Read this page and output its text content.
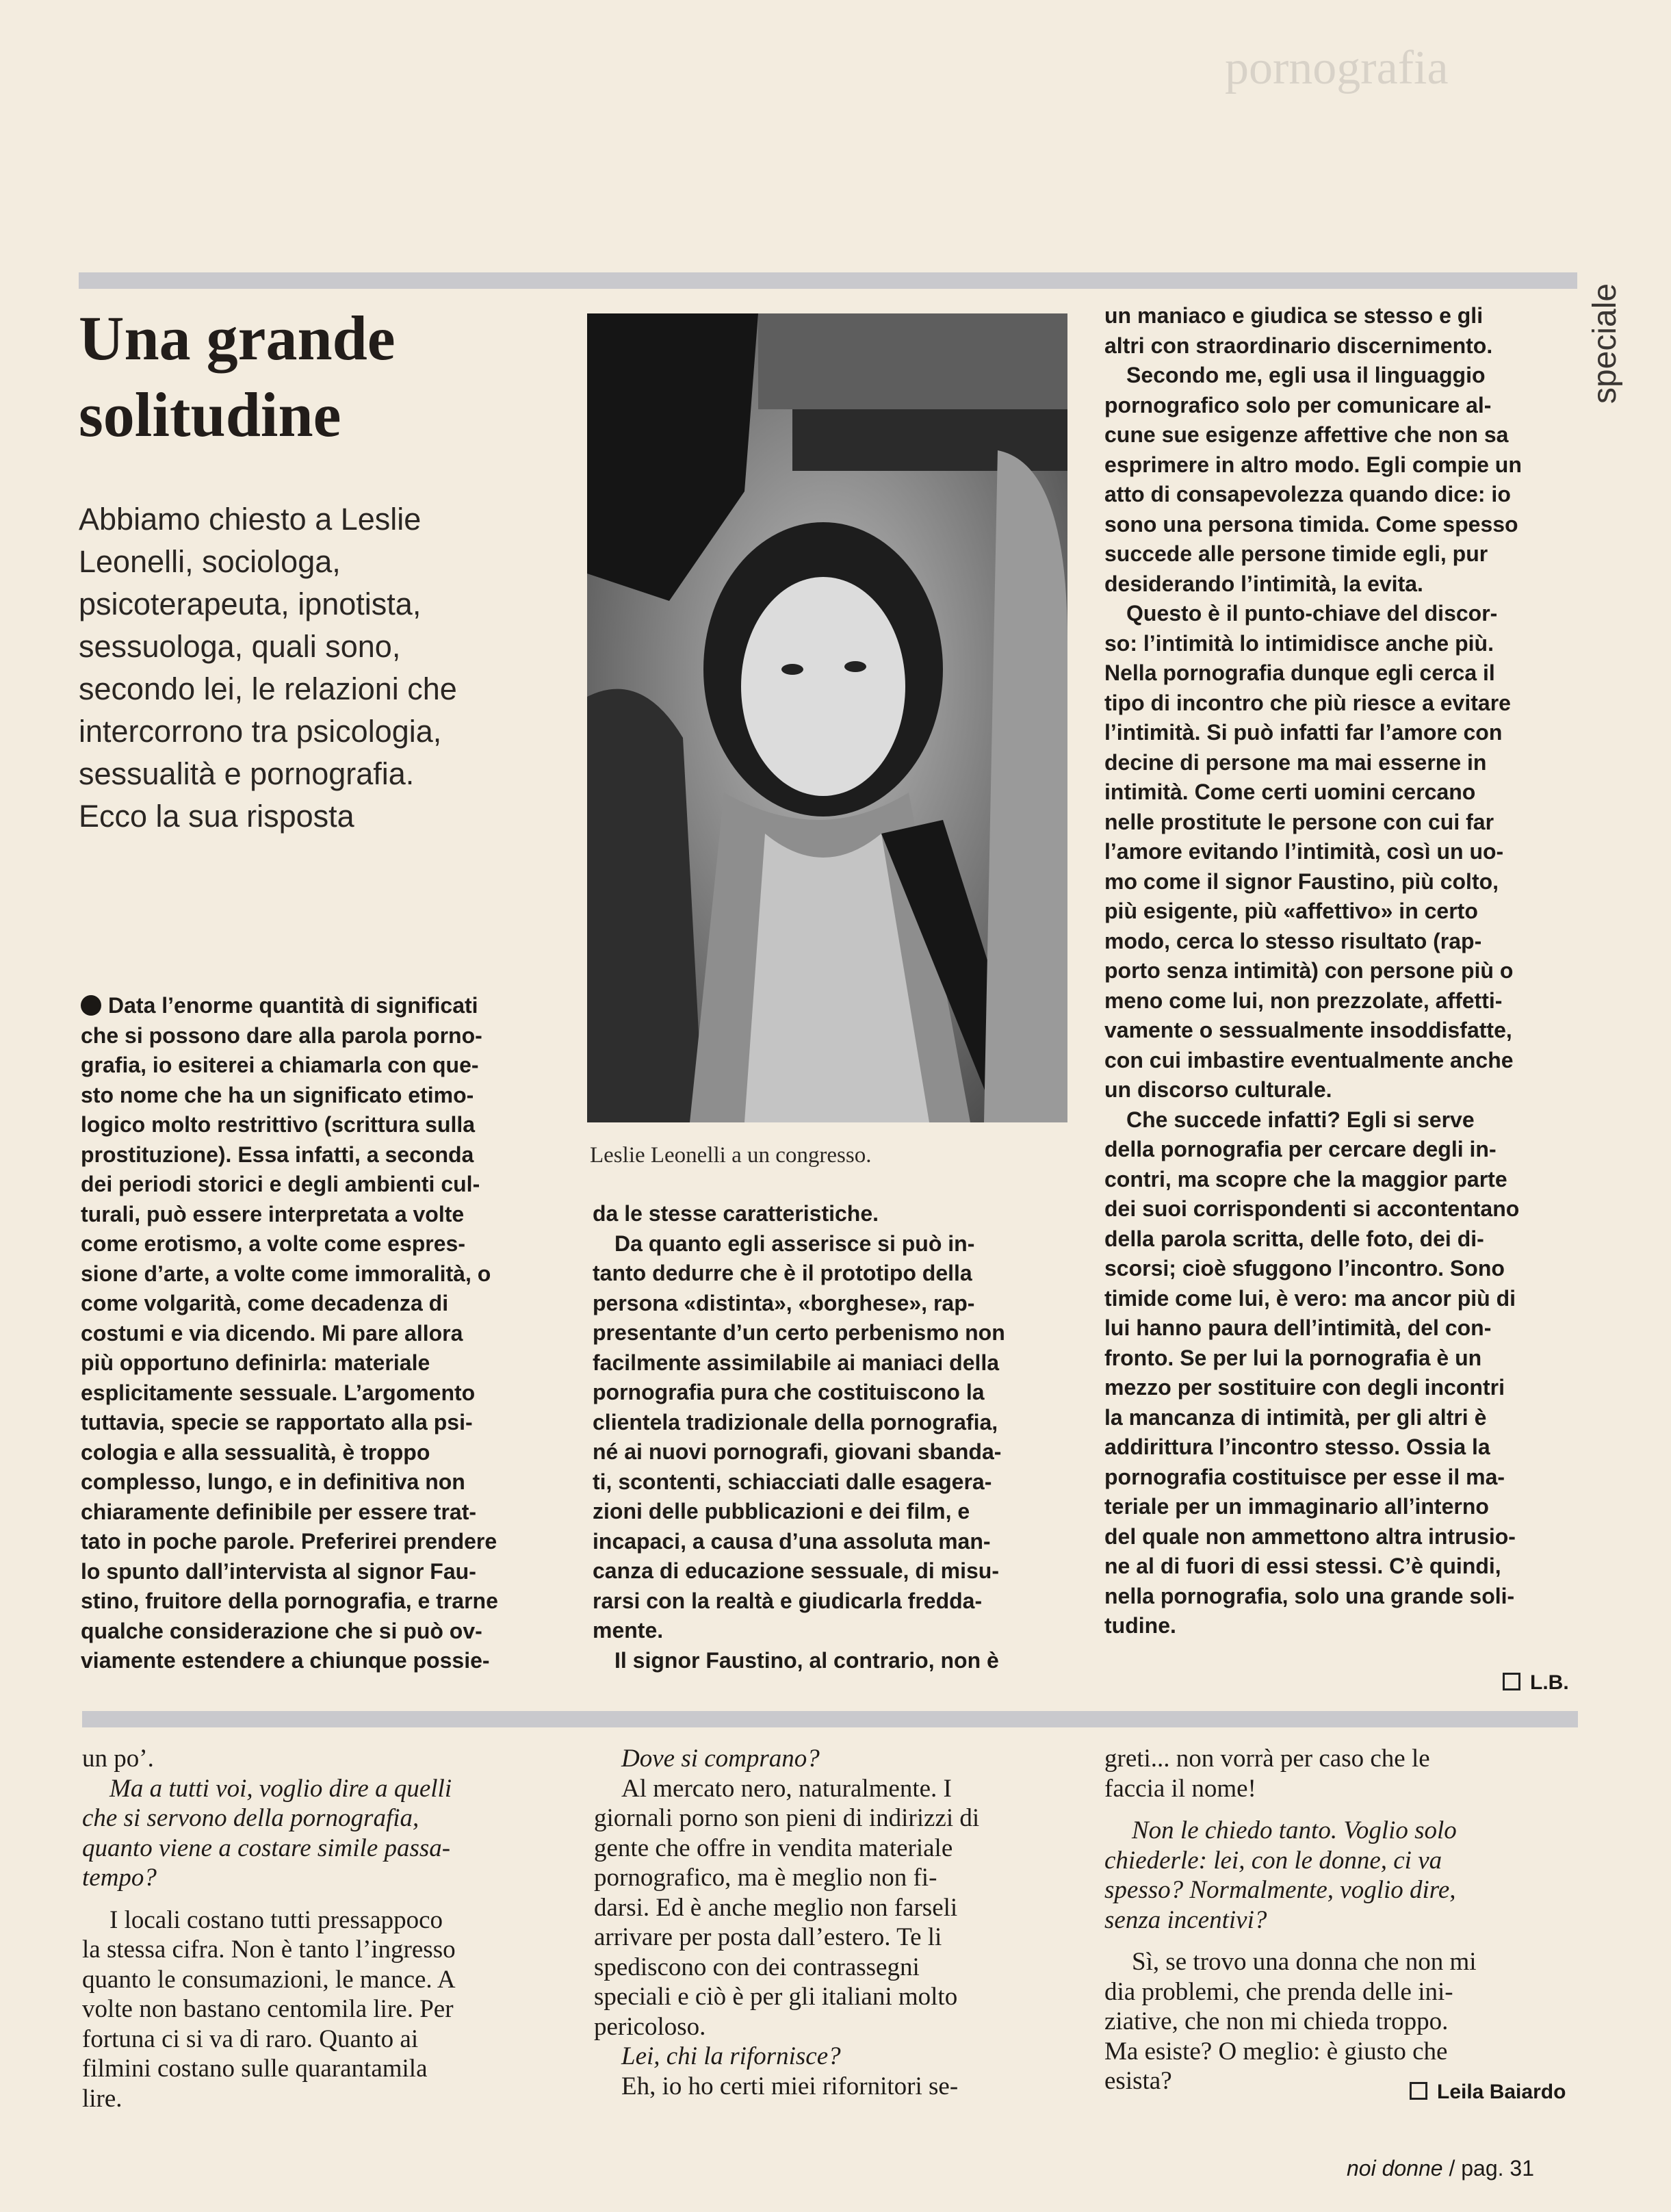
pornografia
speciale
Una grande
solitudine
Abbiamo chiesto a Leslie
Leonelli, sociologa,
psicoterapeuta, ipnotista,
sessuologa, quali sono,
secondo lei, le relazioni che
intercorrono tra psicologia,
sessualità e pornografia.
Ecco la sua risposta
Leslie Leonelli a un congresso.
Data l’enorme quantità di significati
che si possono dare alla parola porno-
grafia, io esiterei a chiamarla con que-
sto nome che ha un significato etimo-
logico molto restrittivo (scrittura sulla
prostituzione). Essa infatti, a seconda
dei periodi storici e degli ambienti cul-
turali, può essere interpretata a volte
come erotismo, a volte come espres-
sione d’arte, a volte come immoralità, o
come volgarità, come decadenza di
costumi e via dicendo. Mi pare allora
più opportuno definirla: materiale
esplicitamente sessuale. L’argomento
tuttavia, specie se rapportato alla psi-
cologia e alla sessualità, è troppo
complesso, lungo, e in definitiva non
chiaramente definibile per essere trat-
tato in poche parole. Preferirei prendere
lo spunto dall’intervista al signor Fau-
stino, fruitore della pornografia, e trarne
qualche considerazione che si può ov-
viamente estendere a chiunque possie-
da le stesse caratteristiche.
Da quanto egli asserisce si può in-
tanto dedurre che è il prototipo della
persona «distinta», «borghese», rap-
presentante d’un certo perbenismo non
facilmente assimilabile ai maniaci della
pornografia pura che costituiscono la
clientela tradizionale della pornografia,
né ai nuovi pornografi, giovani sbanda-
ti, scontenti, schiacciati dalle esagera-
zioni delle pubblicazioni e dei film, e
incapaci, a causa d’una assoluta man-
canza di educazione sessuale, di misu-
rarsi con la realtà e giudicarla fredda-
mente.
Il signor Faustino, al contrario, non è
un maniaco e giudica se stesso e gli
altri con straordinario discernimento.
Secondo me, egli usa il linguaggio
pornografico solo per comunicare al-
cune sue esigenze affettive che non sa
esprimere in altro modo. Egli compie un
atto di consapevolezza quando dice: io
sono una persona timida. Come spesso
succede alle persone timide egli, pur
desiderando l’intimità, la evita.
Questo è il punto-chiave del discor-
so: l’intimità lo intimidisce anche più.
Nella pornografia dunque egli cerca il
tipo di incontro che più riesce a evitare
l’intimità. Si può infatti far l’amore con
decine di persone ma mai esserne in
intimità. Come certi uomini cercano
nelle prostitute le persone con cui far
l’amore evitando l’intimità, così un uo-
mo come il signor Faustino, più colto,
più esigente, più «affettivo» in certo
modo, cerca lo stesso risultato (rap-
porto senza intimità) con persone più o
meno come lui, non prezzolate, affetti-
vamente o sessualmente insoddisfatte,
con cui imbastire eventualmente anche
un discorso culturale.
Che succede infatti? Egli si serve
della pornografia per cercare degli in-
contri, ma scopre che la maggior parte
dei suoi corrispondenti si accontentano
della parola scritta, delle foto, dei di-
scorsi; cioè sfuggono l’incontro. Sono
timide come lui, è vero: ma ancor più di
lui hanno paura dell’intimità, del con-
fronto. Se per lui la pornografia è un
mezzo per sostituire con degli incontri
la mancanza di intimità, per gli altri è
addirittura l’incontro stesso. Ossia la
pornografia costituisce per esse il ma-
teriale per un immaginario all’interno
del quale non ammettono altra intrusio-
ne al di fuori di essi stessi. C’è quindi,
nella pornografia, solo una grande soli-
tudine.
L.B.
un po’.
Ma a tutti voi, voglio dire a quelli
che si servono della pornografia,
quanto viene a costare simile passa-
tempo?
I locali costano tutti pressappoco
la stessa cifra. Non è tanto l’ingresso
quanto le consumazioni, le mance. A
volte non bastano centomila lire. Per
fortuna ci si va di raro. Quanto ai
filmini costano sulle quarantamila
lire.
Dove si comprano?
Al mercato nero, naturalmente. I
giornali porno son pieni di indirizzi di
gente che offre in vendita materiale
pornografico, ma è meglio non fi-
darsi. Ed è anche meglio non farseli
arrivare per posta dall’estero. Te li
spediscono con dei contrassegni
speciali e ciò è per gli italiani molto
pericoloso.
Lei, chi la rifornisce?
Eh, io ho certi miei rifornitori se-
greti... non vorrà per caso che le
faccia il nome!
Non le chiedo tanto. Voglio solo
chiederle: lei, con le donne, ci va
spesso? Normalmente, voglio dire,
senza incentivi?
Sì, se trovo una donna che non mi
dia problemi, che prenda delle ini-
ziative, che non mi chieda troppo.
Ma esiste? O meglio: è giusto che
esista?	Leila Baiardo
noi donne / pag. 31
